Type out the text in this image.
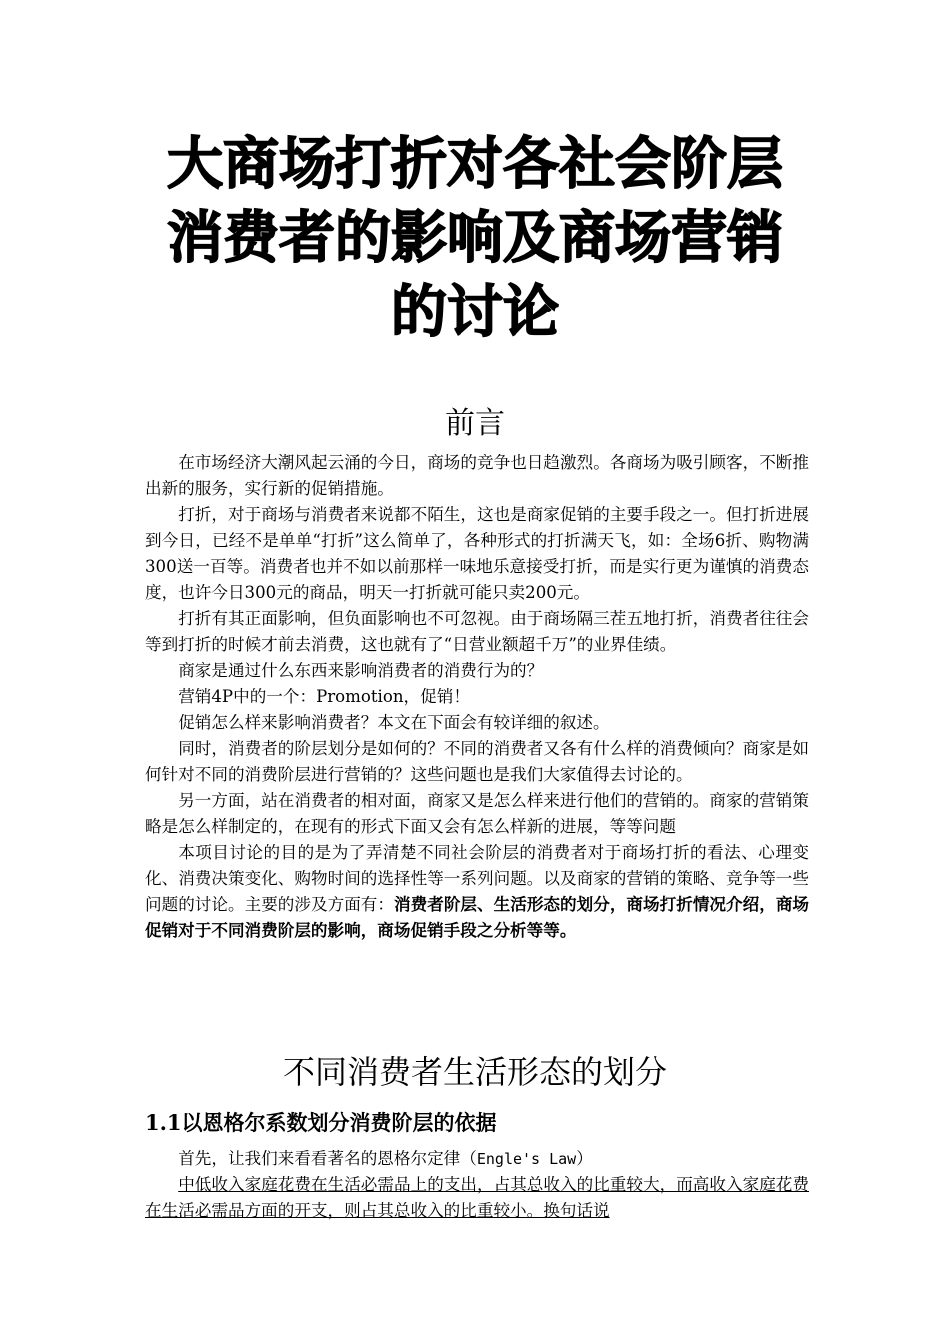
大商场打折对各社会阶层
消费者的影响及商场营销
的讨论
前言

在市场经济大潮风起云涌的今日，商场的竞争也日趋激烈。各商场为吸引顾客，不断推出新的服务，实行新的促销措施。

打折，对于商场与消费者来说都不陌生，这也是商家促销的主要手段之一。但打折进展到今日，已经不是单单“打折”这么简单了，各种形式的打折满天飞，如：全场6折、购物满300送一百等。消费者也并不如以前那样一味地乐意接受打折，而是实行更为谨慎的消费态度，也许今日300元的商品，明天一打折就可能只卖200元。

打折有其正面影响，但负面影响也不可忽视。由于商场隔三茬五地打折，消费者往往会等到打折的时候才前去消费，这也就有了“日营业额超千万”的业界佳绩。

商家是通过什么东西来影响消费者的消费行为的？

营销4P中的一个：Promotion，促销！

促销怎么样来影响消费者？本文在下面会有较详细的叙述。

同时，消费者的阶层划分是如何的？不同的消费者又各有什么样的消费倾向？商家是如何针对不同的消费阶层进行营销的？这些问题也是我们大家值得去讨论的。

另一方面，站在消费者的相对面，商家又是怎么样来进行他们的营销的。商家的营销策略是怎么样制定的，在现有的形式下面又会有怎么样新的进展，等等问题

本项目讨论的目的是为了弄清楚不同社会阶层的消费者对于商场打折的看法、心理变化、消费决策变化、购物时间的选择性等一系列问题。以及商家的营销的策略、竞争等一些问题的讨论。主要的涉及方面有：消费者阶层、生活形态的划分，商场打折情况介绍，商场促销对于不同消费阶层的影响，商场促销手段之分析等等。

不同消费者生活形态的划分
1.1以恩格尔系数划分消费阶层的依据

首先，让我们来看看著名的恩格尔定律（Engle's Law）

中低收入家庭花费在生活必需品上的支出，占其总收入的比重较大，而高收入家庭花费在生活必需品方面的开支，则占其总收入的比重较小。换句话说
